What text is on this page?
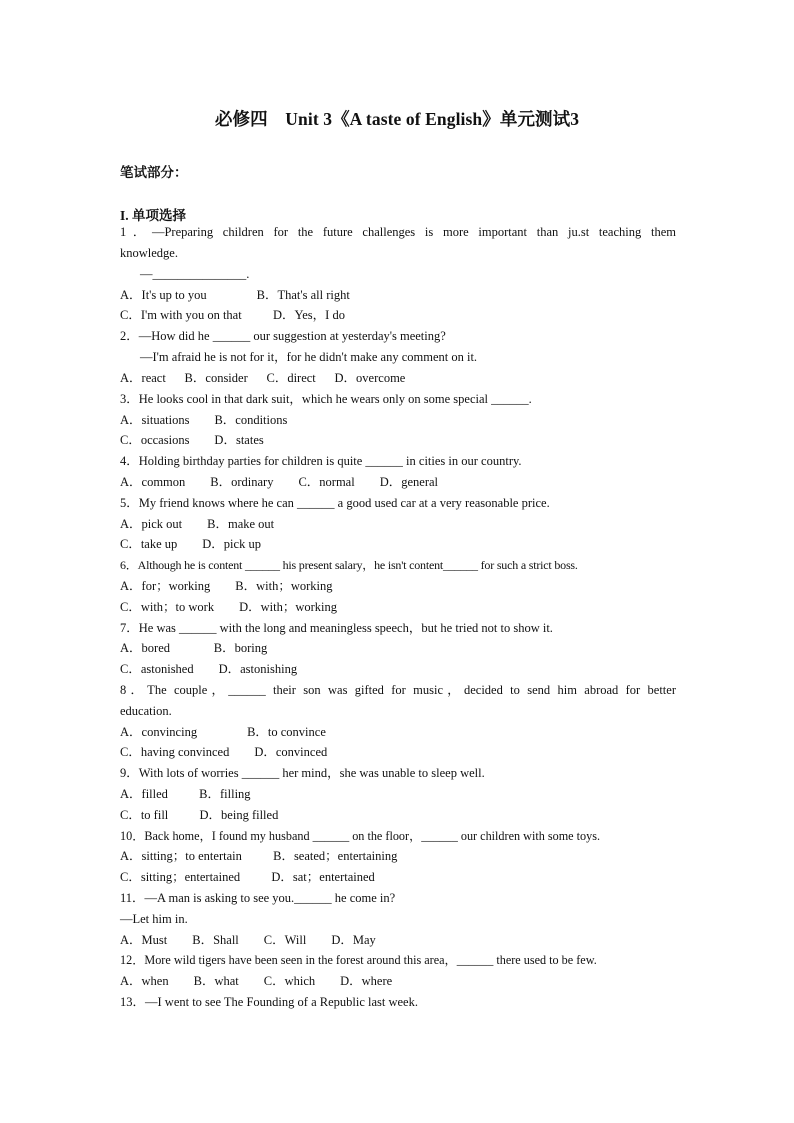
必修四　Unit 3《A taste of English》单元测试3
笔试部分：
I. 单项选择
1．—Preparing children for the future challenges is more important than ju.st teaching them
knowledge.
—_______________.
A．It's up to you                B．That's all right
C．I'm with you on that          D．Yes，I do
2．—How did he ______ our suggestion at yesterday's meeting?
—I'm afraid he is not for it，for he didn't make any comment on it.
A．react      B．consider      C．direct      D．overcome
3．He looks cool in that dark suit，which he wears only on some special ______.
A．situations        B．conditions
C．occasions        D．states
4．Holding birthday parties for children is quite ______ in cities in our country.
A．common        B．ordinary        C．normal        D．general
5．My friend knows where he can ______ a good used car at a very reasonable price.
A．pick out        B．make out
C．take up        D．pick up
6．Although he is content ______ his present salary，he isn't content______ for such a strict boss.
A．for；working        B．with；working
C．with；to work        D．with；working
7．He was ______ with the long and meaningless speech，but he tried not to show it.
A．bored              B．boring
C．astonished        D．astonishing
8．The couple，______ their son was gifted for music，decided to send him abroad for better
education.
A．convincing                B．to convince
C．having convinced        D．convinced
9．With lots of worries ______ her mind，she was unable to sleep well.
A．filled          B．filling
C．to fill          D．being filled
10．Back home，I found my husband ______ on the floor，______ our children with some toys.
A．sitting；to entertain          B．seated；entertaining
C．sitting；entertained          D．sat；entertained
11．—A man is asking to see you.______ he come in?
—Let him in.
A．Must        B．Shall        C．Will        D．May
12．More wild tigers have been seen in the forest around this area，______ there used to be few.
A．when        B．what        C．which        D．where
13．—I went to see The Founding of a Republic last week.
